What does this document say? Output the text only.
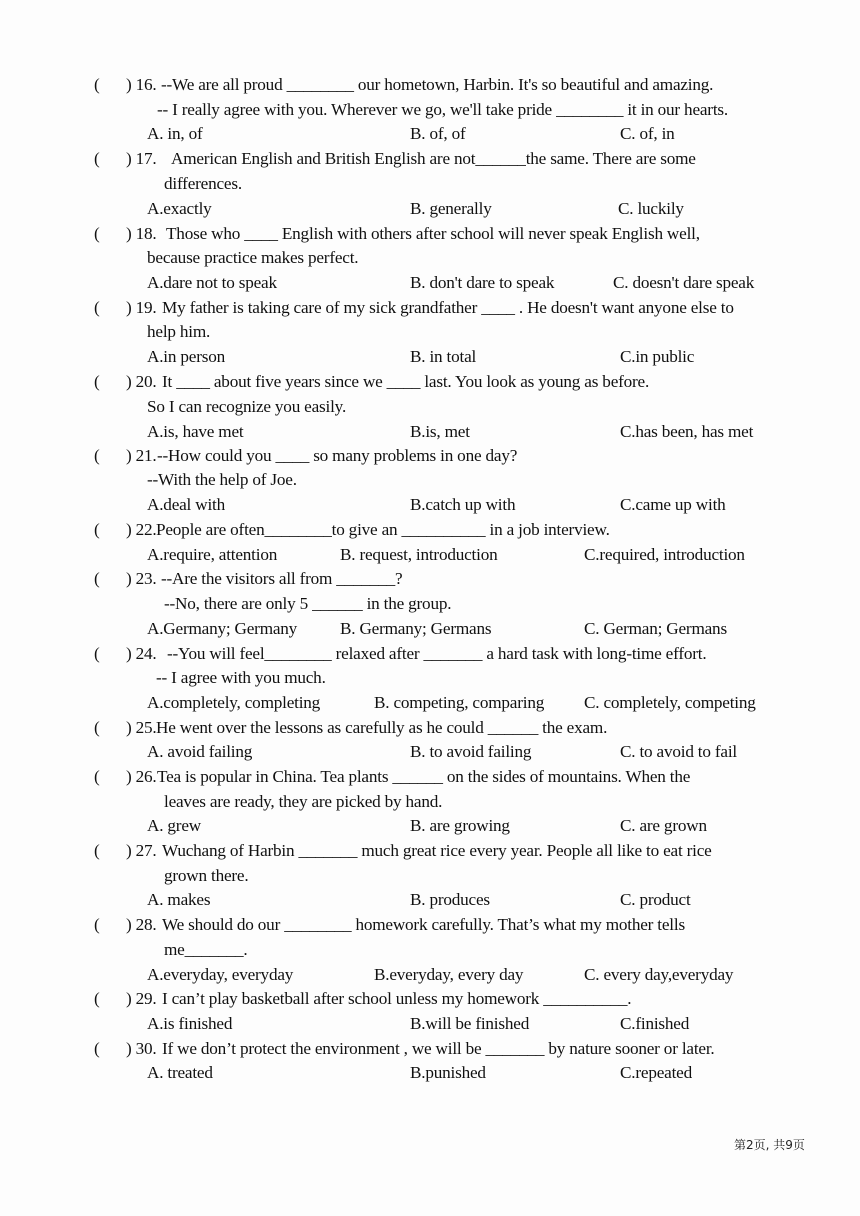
( ) 16. --We are all proud ________ our hometown, Harbin. It's so beautiful and amazing.
-- I really agree with you. Wherever we go, we'll take pride ________ it in our hearts.
A. in, of	B. of, of	C. of, in
( ) 17. American English and British English are not______the same. There are some
differences.
A.exactly	B. generally	C. luckily
( ) 18. Those who ____ English with others after school will never speak English well,
because practice makes perfect.
A.dare not to speak	B. don't dare to speak	C. doesn't dare speak
( ) 19. My father is taking care of my sick grandfather ____ . He doesn't want anyone else to
help him.
A.in person	B. in total	C.in public
( ) 20. It ____ about five years since we ____ last. You look as young as before.
So I can recognize you easily.
A.is, have met	B.is, met	C.has been, has met
( ) 21. --How could you ____ so many problems in one day?
--With the help of Joe.
A.deal with	B.catch up with	C.came up with
( ) 22. People are often________to give an __________ in a job interview.
A.require, attention	B. request, introduction	C.required, introduction
( ) 23. --Are the visitors all from _______?
--No, there are only 5 ______ in the group.
A.Germany; Germany B. Germany; Germans	C. German; Germans
( ) 24. --You will feel________ relaxed after _______ a hard task with long-time effort.
-- I agree with you much.
A.completely, completing	B. competing, comparing C. completely, competing
( ) 25. He went over the lessons as carefully as he could ______ the exam.
A. avoid failing	B. to avoid failing	C. to avoid to fail
( ) 26. Tea is popular in China. Tea plants ______ on the sides of mountains. When the
leaves are ready, they are picked by hand.
A. grew	B. are growing	C. are grown
( ) 27. Wuchang of Harbin _______ much great rice every year. People all like to eat rice
grown there.
A. makes	B. produces	C. product
( ) 28. We should do our ________ homework carefully. That’s what my mother tells
me_______.
A.everyday, everyday	B.everyday, every day	C. every day,everyday
( ) 29. I can’t play basketball after school unless my homework __________.
A.is finished	B.will be finished	C.finished
( ) 30. If we don’t protect the environment , we will be _______ by nature sooner or later.
A. treated	B.punished	C.repeated
第2页, 共9页
